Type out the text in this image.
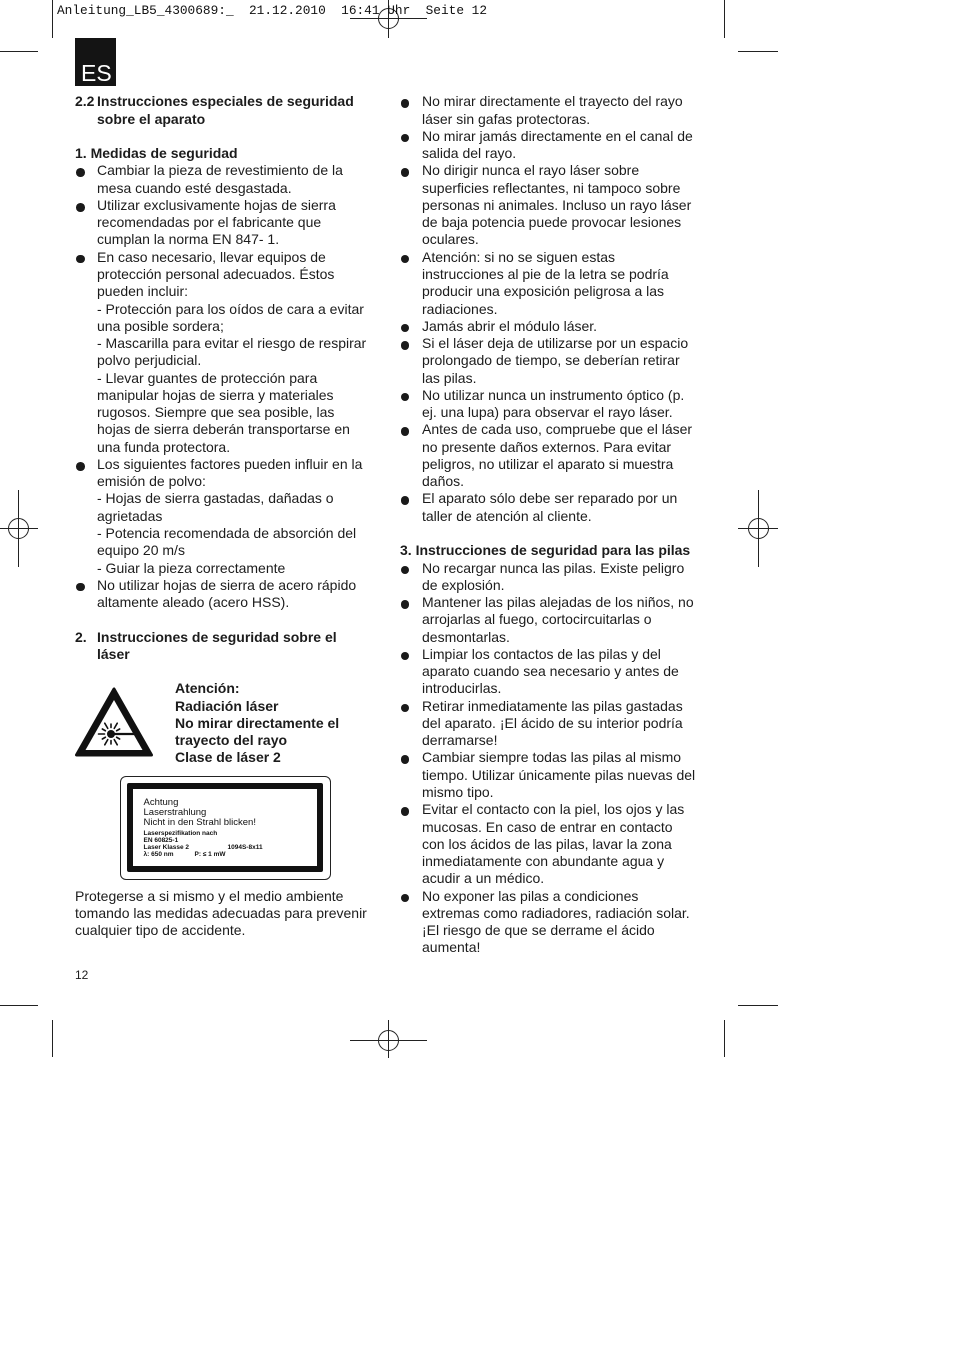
Anleitung_LB5_4300689:_  21.12.2010  16:41 Uhr  Seite 12
ES
2.2 Instrucciones especiales de seguridad
sobre el aparato
1. Medidas de seguridad
Cambiar la pieza de revestimiento de la
mesa cuando esté desgastada.
Utilizar exclusivamente hojas de sierra
recomendadas por el fabricante que
cumplan la norma EN 847- 1.
En caso necesario, llevar equipos de
protección personal adecuados. Éstos
pueden incluir:
- Protección para los oídos de cara a evitar
una posible sordera;
- Mascarilla para evitar el riesgo de respirar
polvo perjudicial.
- Llevar guantes de protección para
manipular hojas de sierra y materiales
rugosos. Siempre que sea posible, las
hojas de sierra deberán transportarse en
una funda protectora.
Los siguientes factores pueden influir en la
emisión de polvo:
- Hojas de sierra gastadas, dañadas o
agrietadas
- Potencia recomendada de absorción del
equipo 20 m/s
- Guiar la pieza correctamente
No utilizar hojas de sierra de acero rápido
altamente aleado (acero HSS).
2. Instrucciones de seguridad sobre el
láser
Atención:
Radiación láser
No mirar directamente el
trayecto del rayo
Clase de láser 2
Achtung
Laserstrahlung
Nicht in den Strahl blicken!
Laserspezifikation nach
EN 60825-1
Laser Klasse 2
λ: 650 nm
1094S-8x11
P: ≤ 1 mW
Protegerse a si mismo y el medio ambiente
tomando las medidas adecuadas para prevenir
cualquier tipo de accidente.
No mirar directamente el trayecto del rayo
láser sin gafas protectoras.
No mirar jamás directamente en el canal de
salida del rayo.
No dirigir nunca el rayo láser sobre
superficies reflectantes, ni tampoco sobre
personas ni animales. Incluso un rayo láser
de baja potencia puede provocar lesiones
oculares.
Atención: si no se siguen estas
instrucciones al pie de la letra se podría
producir una exposición peligrosa a las
radiaciones.
Jamás abrir el módulo láser.
Si el láser deja de utilizarse por un espacio
prolongado de tiempo, se deberían retirar
las pilas.
No utilizar nunca un instrumento óptico (p.
ej. una lupa) para observar el rayo láser.
Antes de cada uso, compruebe que el láser
no presente daños externos. Para evitar
peligros, no utilizar el aparato si muestra
daños.
El aparato sólo debe ser reparado por un
taller de atención al cliente.
3. Instrucciones de seguridad para las pilas
No recargar nunca las pilas. Existe peligro
de explosión.
Mantener las pilas alejadas de los niños, no
arrojarlas al fuego, cortocircuitarlas o
desmontarlas.
Limpiar los contactos de las pilas y del
aparato cuando sea necesario y antes de
introducirlas.
Retirar inmediatamente las pilas gastadas
del aparato. ¡El ácido de su interior podría
derramarse!
Cambiar siempre todas las pilas al mismo
tiempo. Utilizar únicamente pilas nuevas del
mismo tipo.
Evitar el contacto con la piel, los ojos y las
mucosas. En caso de entrar en contacto
con los ácidos de las pilas, lavar la zona
inmediatamente con abundante agua y
acudir a un médico.
No exponer las pilas a condiciones
extremas como radiadores, radiación solar.
¡El riesgo de que se derrame el ácido
aumenta!
12
